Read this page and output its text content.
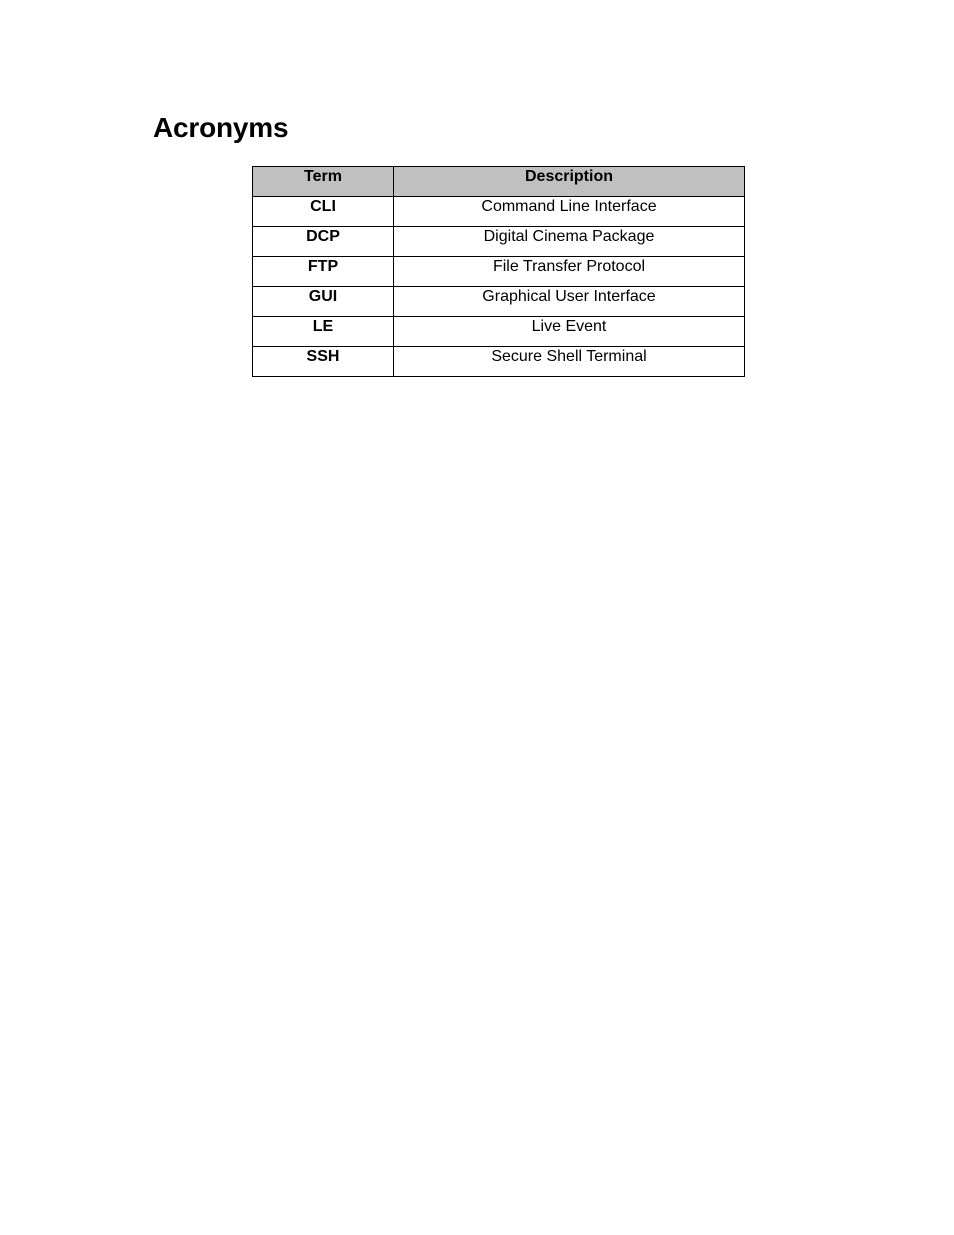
Acronyms
Term	Description
CLI	Command Line Interface
DCP	Digital Cinema Package
FTP	File Transfer Protocol
GUI	Graphical User Interface
LE	Live Event
SSH	Secure Shell Terminal
